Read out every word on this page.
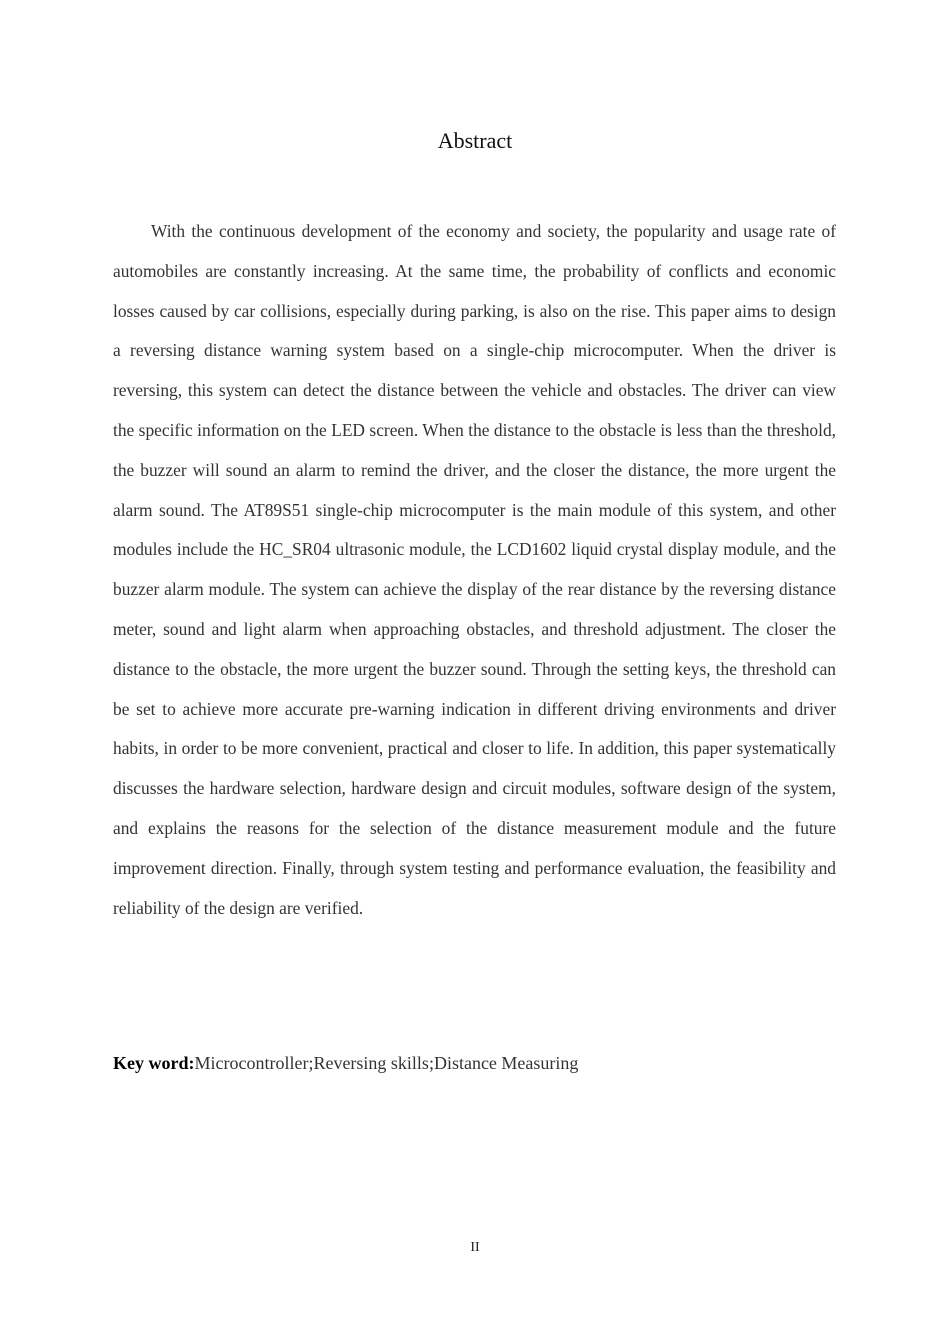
Abstract
With the continuous development of the economy and society, the popularity and usage rate of automobiles are constantly increasing. At the same time, the probability of conflicts and economic losses caused by car collisions, especially during parking, is also on the rise. This paper aims to design a reversing distance warning system based on a single-chip microcomputer. When the driver is reversing, this system can detect the distance between the vehicle and obstacles. The driver can view the specific information on the LED screen. When the distance to the obstacle is less than the threshold, the buzzer will sound an alarm to remind the driver, and the closer the distance, the more urgent the alarm sound. The AT89S51 single-chip microcomputer is the main module of this system, and other modules include the HC_SR04 ultrasonic module, the LCD1602 liquid crystal display module, and the buzzer alarm module. The system can achieve the display of the rear distance by the reversing distance meter, sound and light alarm when approaching obstacles, and threshold adjustment. The closer the distance to the obstacle, the more urgent the buzzer sound. Through the setting keys, the threshold can be set to achieve more accurate pre-warning indication in different driving environments and driver habits, in order to be more convenient, practical and closer to life. In addition, this paper systematically discusses the hardware selection, hardware design and circuit modules, software design of the system, and explains the reasons for the selection of the distance measurement module and the future improvement direction. Finally, through system testing and performance evaluation, the feasibility and reliability of the design are verified.
Key word:Microcontroller;Reversing skills;Distance Measuring
II
